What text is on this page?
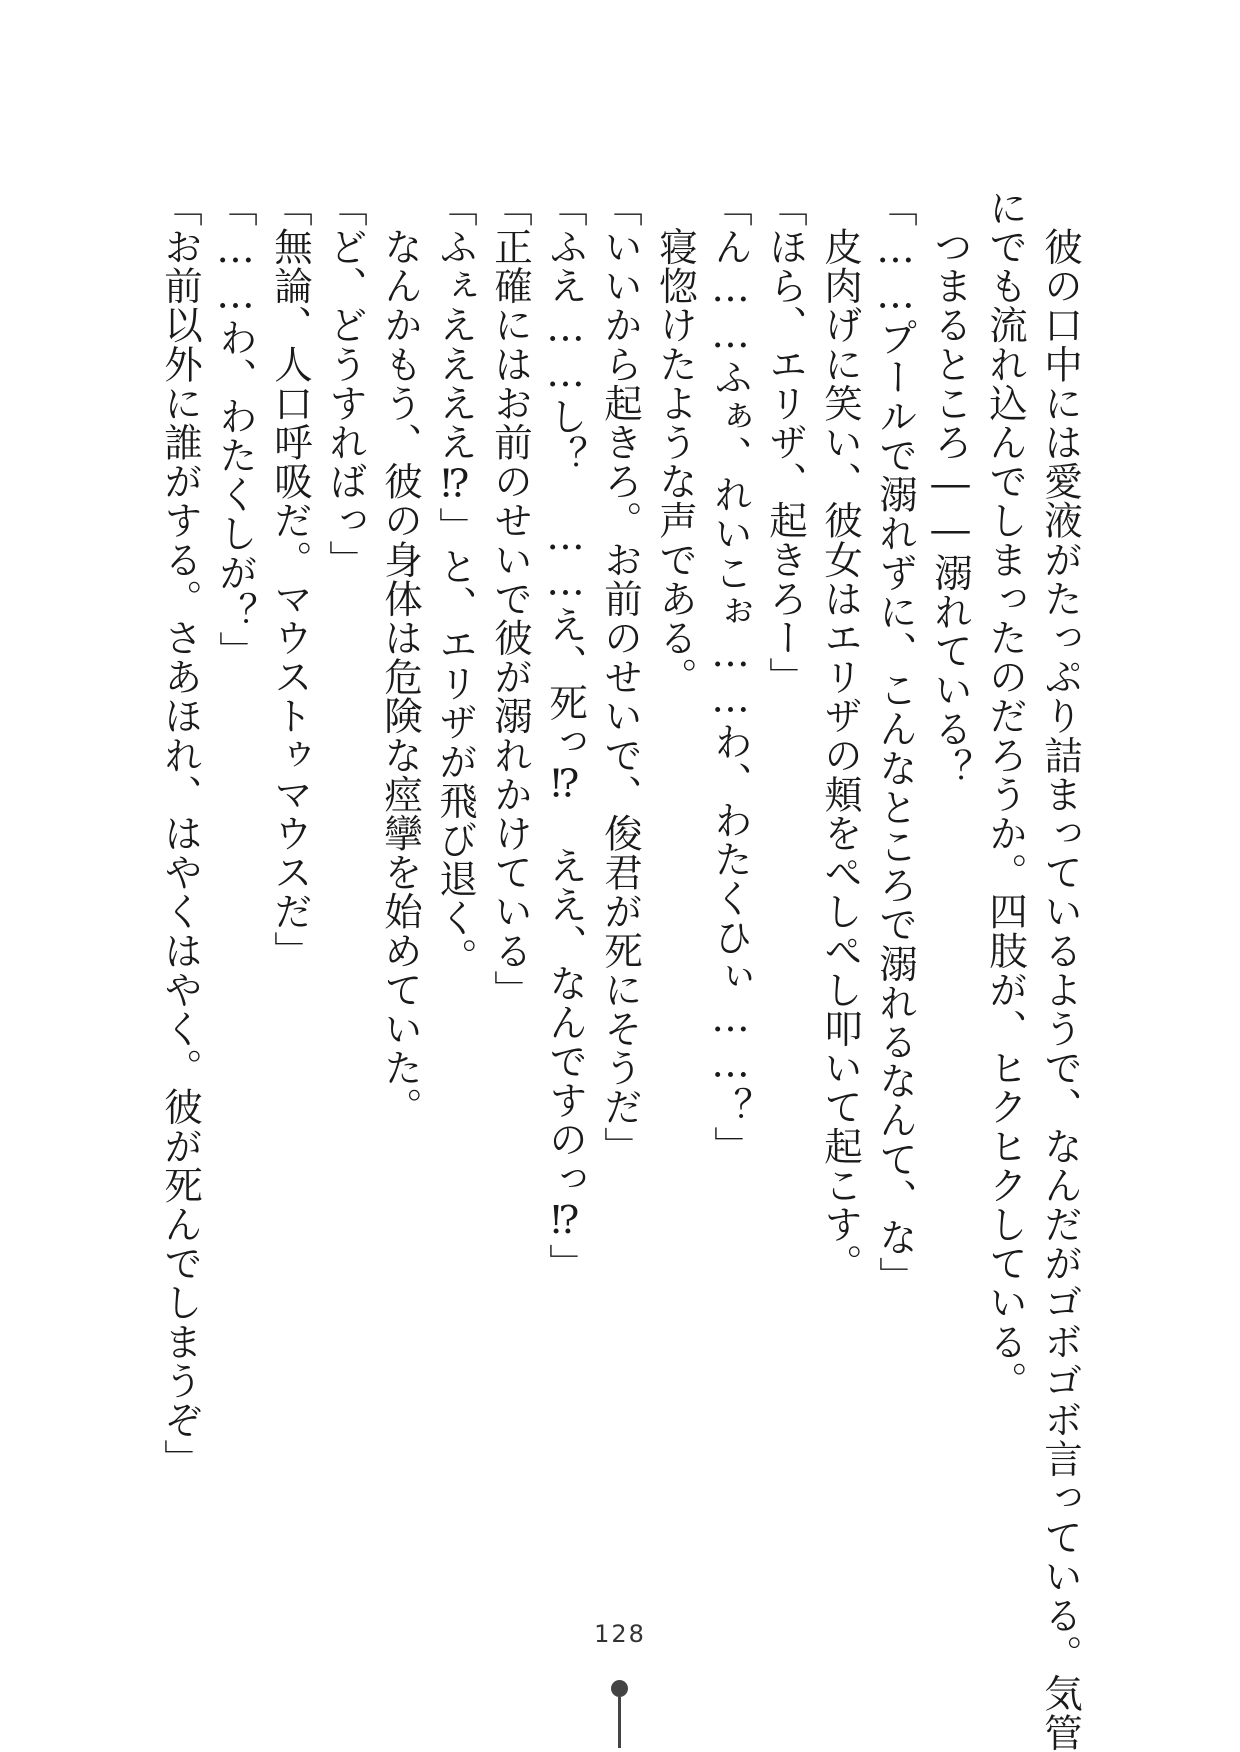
　彼の口中には愛液がたっぷり詰まっているようで、なんだがゴボゴボ言っている。気管
にでも流れ込んでしまったのだろうか。四肢が、ヒクヒクしている。
　つまるところ――溺れている？
「……プールで溺れずに、こんなところで溺れるなんて、な」
　皮肉げに笑い、彼女はエリザの頬をぺしぺし叩いて起こす。
「ほら、エリザ、起きろー」
「ん……ふぁ、れいこぉ……わ、わたくひぃ……？」
　寝惚けたような声である。
「いいから起きろ。お前のせいで、俊君が死にそうだ」
「ふえ……し？　……え、死っ⁉　ええ、なんですのっ⁉」
「正確にはお前のせいで彼が溺れかけている」
「ふぇええええ⁉」と、エリザが飛び退く。
　なんかもう、彼の身体は危険な痙攣を始めていた。
「ど、どうすればっ」
「無論、人口呼吸だ。マウストゥマウスだ」
「……わ、わたくしが？」
「お前以外に誰がする。さあほれ、はやくはやく。彼が死んでしまうぞ」
128
